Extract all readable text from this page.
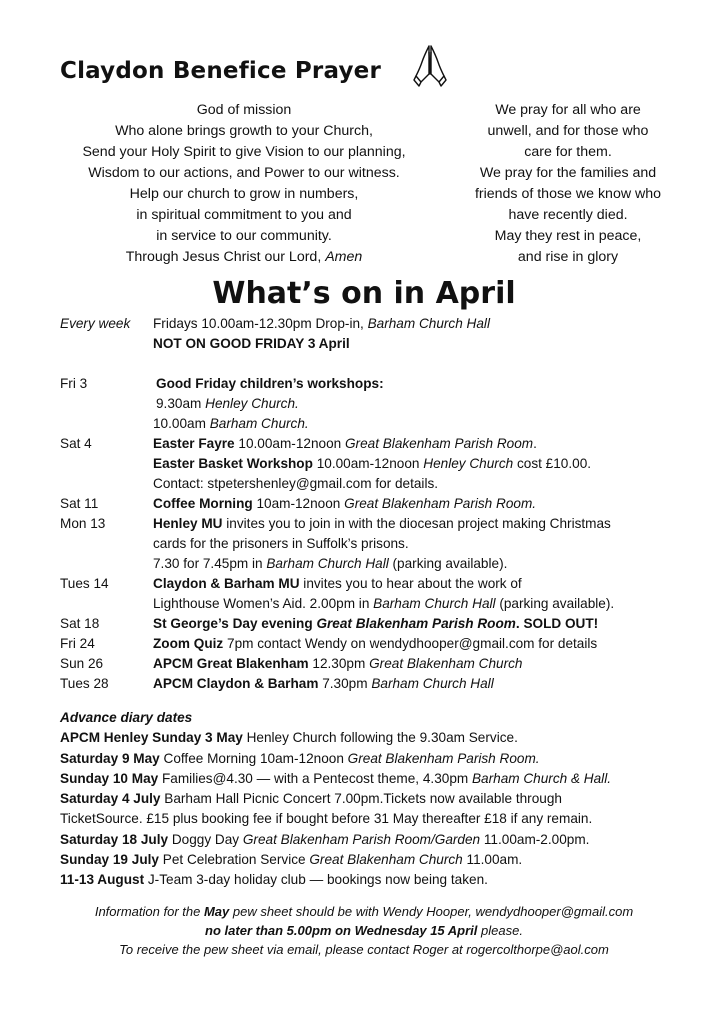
Claydon Benefice Prayer
God of mission
Who alone brings growth to your Church,
Send your Holy Spirit to give Vision to our planning,
Wisdom to our actions, and Power to our witness.
Help our church to grow in numbers,
in spiritual commitment to you and
in service to our community.
Through Jesus Christ our Lord, Amen
We pray for all who are
unwell, and for those who
care for them.
We pray for the families and
friends of those we know who
have recently died.
May they rest in peace,
and rise in glory
What’s on in April
Every week	Fridays 10.00am-12.30pm Drop-in, Barham Church Hall
NOT ON GOOD FRIDAY 3 April
Fri 3	Good Friday children’s workshops:
9.30am Henley Church.
10.00am Barham Church.
Sat 4	Easter Fayre 10.00am-12noon Great Blakenham Parish Room.
Easter Basket Workshop 10.00am-12noon Henley Church cost £10.00.
Contact: stpetershenley@gmail.com for details.
Sat 11	Coffee Morning 10am-12noon Great Blakenham Parish Room.
Mon 13	Henley MU invites you to join in with the diocesan project making Christmas
cards for the prisoners in Suffolk’s prisons.
7.30 for 7.45pm in Barham Church Hall (parking available).
Tues 14	Claydon & Barham MU invites you to hear about the work of
Lighthouse Women’s Aid. 2.00pm in Barham Church Hall (parking available).
Sat 18	St George’s Day evening Great Blakenham Parish Room. SOLD OUT!
Fri 24	Zoom Quiz 7pm contact Wendy on wendydhooper@gmail.com for details
Sun 26	APCM Great Blakenham 12.30pm Great Blakenham Church
Tues 28	APCM Claydon & Barham 7.30pm Barham Church Hall
Advance diary dates
APCM Henley Sunday 3 May Henley Church following the 9.30am Service.
Saturday 9 May Coffee Morning 10am-12noon Great Blakenham Parish Room.
Sunday 10 May Families@4.30 — with a Pentecost theme, 4.30pm Barham Church & Hall.
Saturday 4 July Barham Hall Picnic Concert 7.00pm.Tickets now available through
TicketSource. £15 plus booking fee if bought before 31 May thereafter £18 if any remain.
Saturday 18 July Doggy Day Great Blakenham Parish Room/Garden 11.00am-2.00pm.
Sunday 19 July Pet Celebration Service Great Blakenham Church 11.00am.
11-13 August J-Team 3-day holiday club — bookings now being taken.
Information for the May pew sheet should be with Wendy Hooper, wendydhooper@gmail.com
no later than 5.00pm on Wednesday 15 April please.
To receive the pew sheet via email, please contact Roger at rogercolthorpe@aol.com
